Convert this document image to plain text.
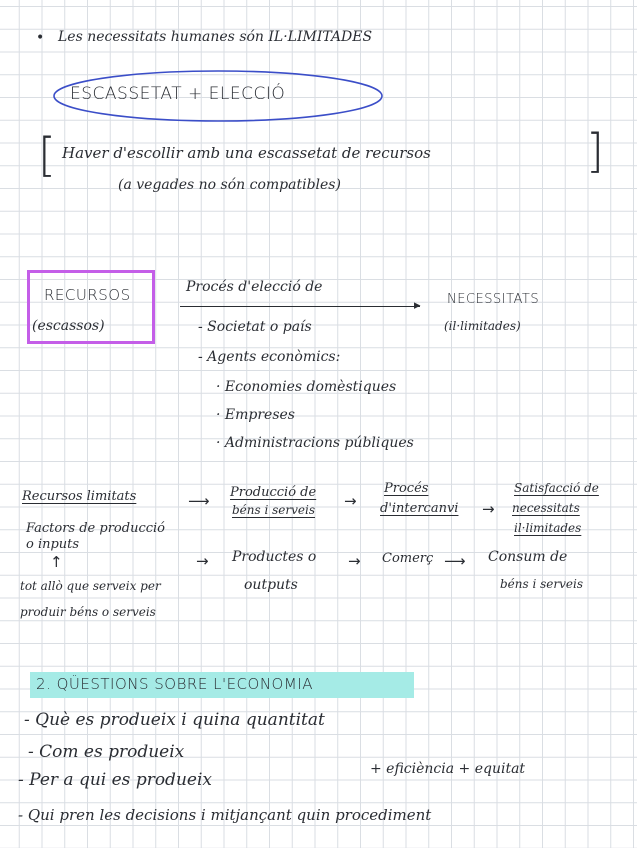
• Les necessitats humanes són IL·LIMITADES
ESCASSETAT + ELECCIÓ
[	]
Haver d'escollir amb una escassetat de recursos
(a vegades no són compatibles)
RECURSOS
(escassos)
Procés d'elecció de
▸ NECESSITATS
(il·limitades)
- Societat o país
- Agents econòmics:
· Economies domèstiques
· Empreses
· Administracions públiques
Recursos limitats
Factors de producció
o inputs
↑
tot allò que serveix per
produir béns o serveis
⟶ Producció de
béns i serveis →
Procés
d'intercanvi →
Satisfacció de
necessitats
il·limitades
→ Productes o
outputs
→ Comerç ⟶ Consum de
béns i serveis
2. QÜESTIONS SOBRE L'ECONOMIA
- Què es produeix i quina quantitat
- Com es produeix
- Per a qui es produeix
- Qui pren les decisions i mitjançant quin procediment
+ eficiència + equitat
